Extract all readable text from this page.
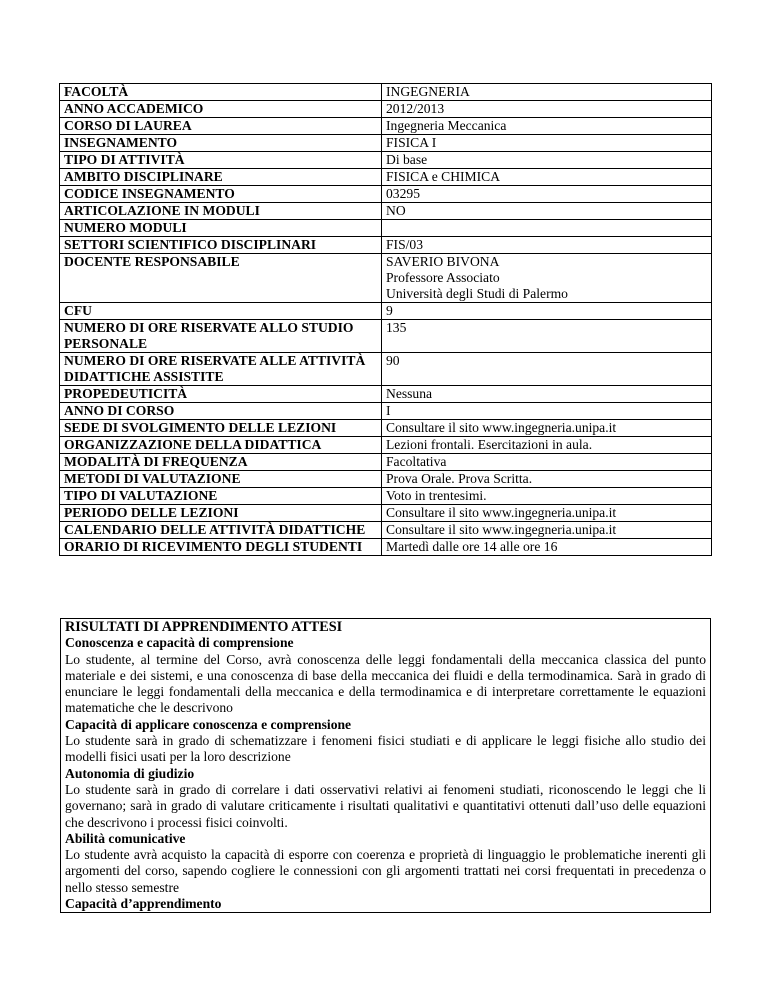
FACOLTÀ	INGEGNERIA

ANNO ACCADEMICO	2012/2013

CORSO DI LAUREA	Ingegneria Meccanica

INSEGNAMENTO	FISICA I

TIPO DI ATTIVITÀ	Di base

AMBITO DISCIPLINARE	FISICA e CHIMICA

CODICE INSEGNAMENTO	03295

ARTICOLAZIONE IN MODULI	NO

NUMERO MODULI	

SETTORI SCIENTIFICO DISCIPLINARI	FIS/03

DOCENTE RESPONSABILE	SAVERIO BIVONA
Professore Associato
Università degli Studi di Palermo

CFU	9

NUMERO DI ORE RISERVATE ALLO STUDIO PERSONALE	135

NUMERO DI ORE RISERVATE ALLE ATTIVITÀ DIDATTICHE ASSISTITE	90

PROPEDEUTICITÀ	Nessuna

ANNO DI CORSO	I

SEDE DI SVOLGIMENTO DELLE LEZIONI	Consultare il sito www.ingegneria.unipa.it

ORGANIZZAZIONE DELLA DIDATTICA	Lezioni frontali. Esercitazioni in aula.

MODALITÀ DI FREQUENZA	Facoltativa

METODI DI VALUTAZIONE	Prova Orale. Prova Scritta.

TIPO DI VALUTAZIONE	Voto in trentesimi.

PERIODO DELLE LEZIONI	Consultare il sito www.ingegneria.unipa.it

CALENDARIO DELLE ATTIVITÀ DIDATTICHE	Consultare il sito www.ingegneria.unipa.it

ORARIO DI RICEVIMENTO DEGLI STUDENTI	Martedì dalle ore 14 alle ore 16
RISULTATI DI APPRENDIMENTO ATTESI
Conoscenza e capacità di comprensione
Lo studente, al termine del Corso, avrà conoscenza delle leggi fondamentali della meccanica classica del punto materiale e dei sistemi, e una conoscenza di base della meccanica dei fluidi e della termodinamica. Sarà in grado di enunciare le leggi fondamentali della meccanica e della termodinamica e di interpretare correttamente le equazioni matematiche che le descrivono
Capacità di applicare conoscenza e comprensione
Lo studente sarà in grado di schematizzare i fenomeni fisici studiati e di applicare le leggi fisiche allo studio dei modelli fisici usati per la loro descrizione
Autonomia di giudizio
Lo studente sarà in grado di correlare i dati osservativi relativi ai fenomeni studiati, riconoscendo le leggi che li governano; sarà in grado di valutare criticamente i risultati qualitativi e quantitativi ottenuti dall’uso delle equazioni che descrivono i processi fisici coinvolti.
Abilità comunicative
Lo studente avrà acquisto la capacità di esporre con coerenza e proprietà di linguaggio le problematiche inerenti gli argomenti del corso, sapendo cogliere le connessioni con gli argomenti trattati nei corsi frequentati in precedenza o nello stesso semestre
Capacità d’apprendimento
